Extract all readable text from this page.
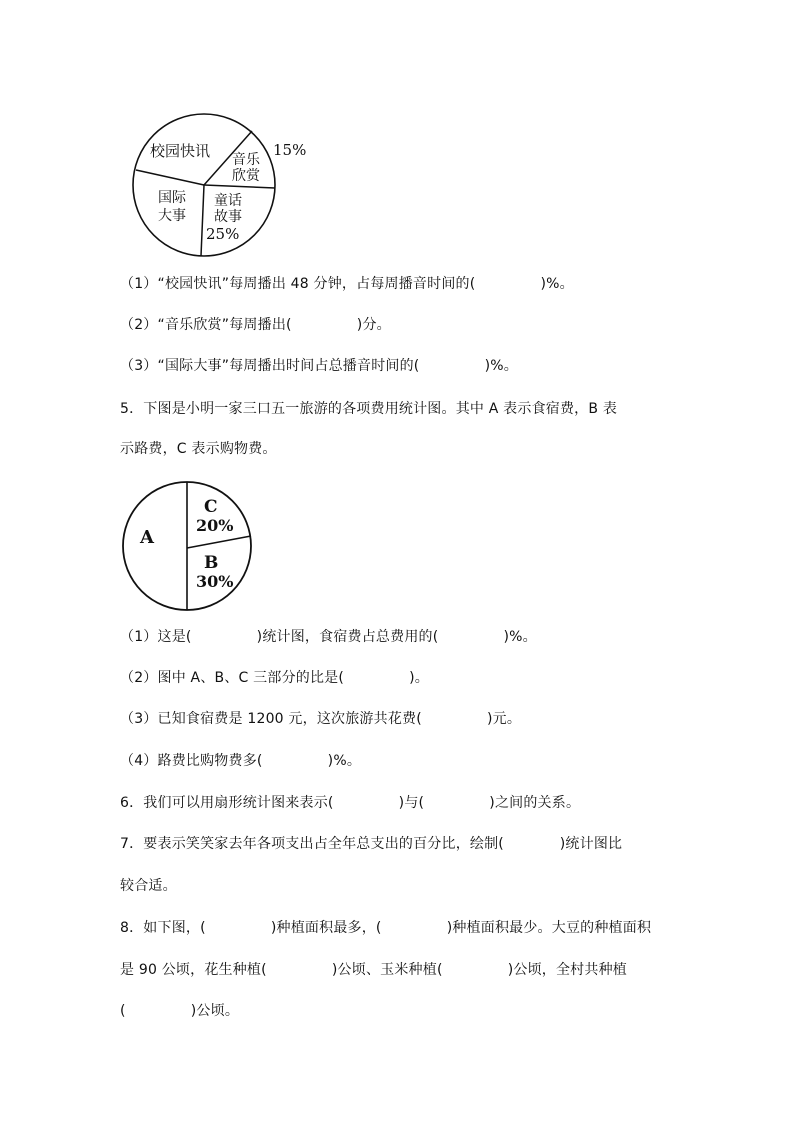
校园快讯 音乐
欣赏
15%
童话
故事
25%
国际
大事
（1）“校园快讯”每周播出 48 分钟，占每周播音时间的(              )%。
（2）“音乐欣赏”每周播出(              )分。
（3）“国际大事”每周播出时间占总播音时间的(              )%。
5．下图是小明一家三口五一旅游的各项费用统计图。其中 A 表示食宿费，B 表
示路费，C 表示购物费。
A
C
20%
B
30%
（1）这是(              )统计图，食宿费占总费用的(              )%。
（2）图中 A、B、C 三部分的比是(              )。
（3）已知食宿费是 1200 元，这次旅游共花费(              )元。
（4）路费比购物费多(              )%。
6．我们可以用扇形统计图来表示(              )与(              )之间的关系。
7．要表示笑笑家去年各项支出占全年总支出的百分比，绘制(            )统计图比
较合适。
8．如下图，(              )种植面积最多，(              )种植面积最少。大豆的种植面积
是 90 公顷，花生种植(              )公顷、玉米种植(              )公顷，全村共种植
(              )公顷。
